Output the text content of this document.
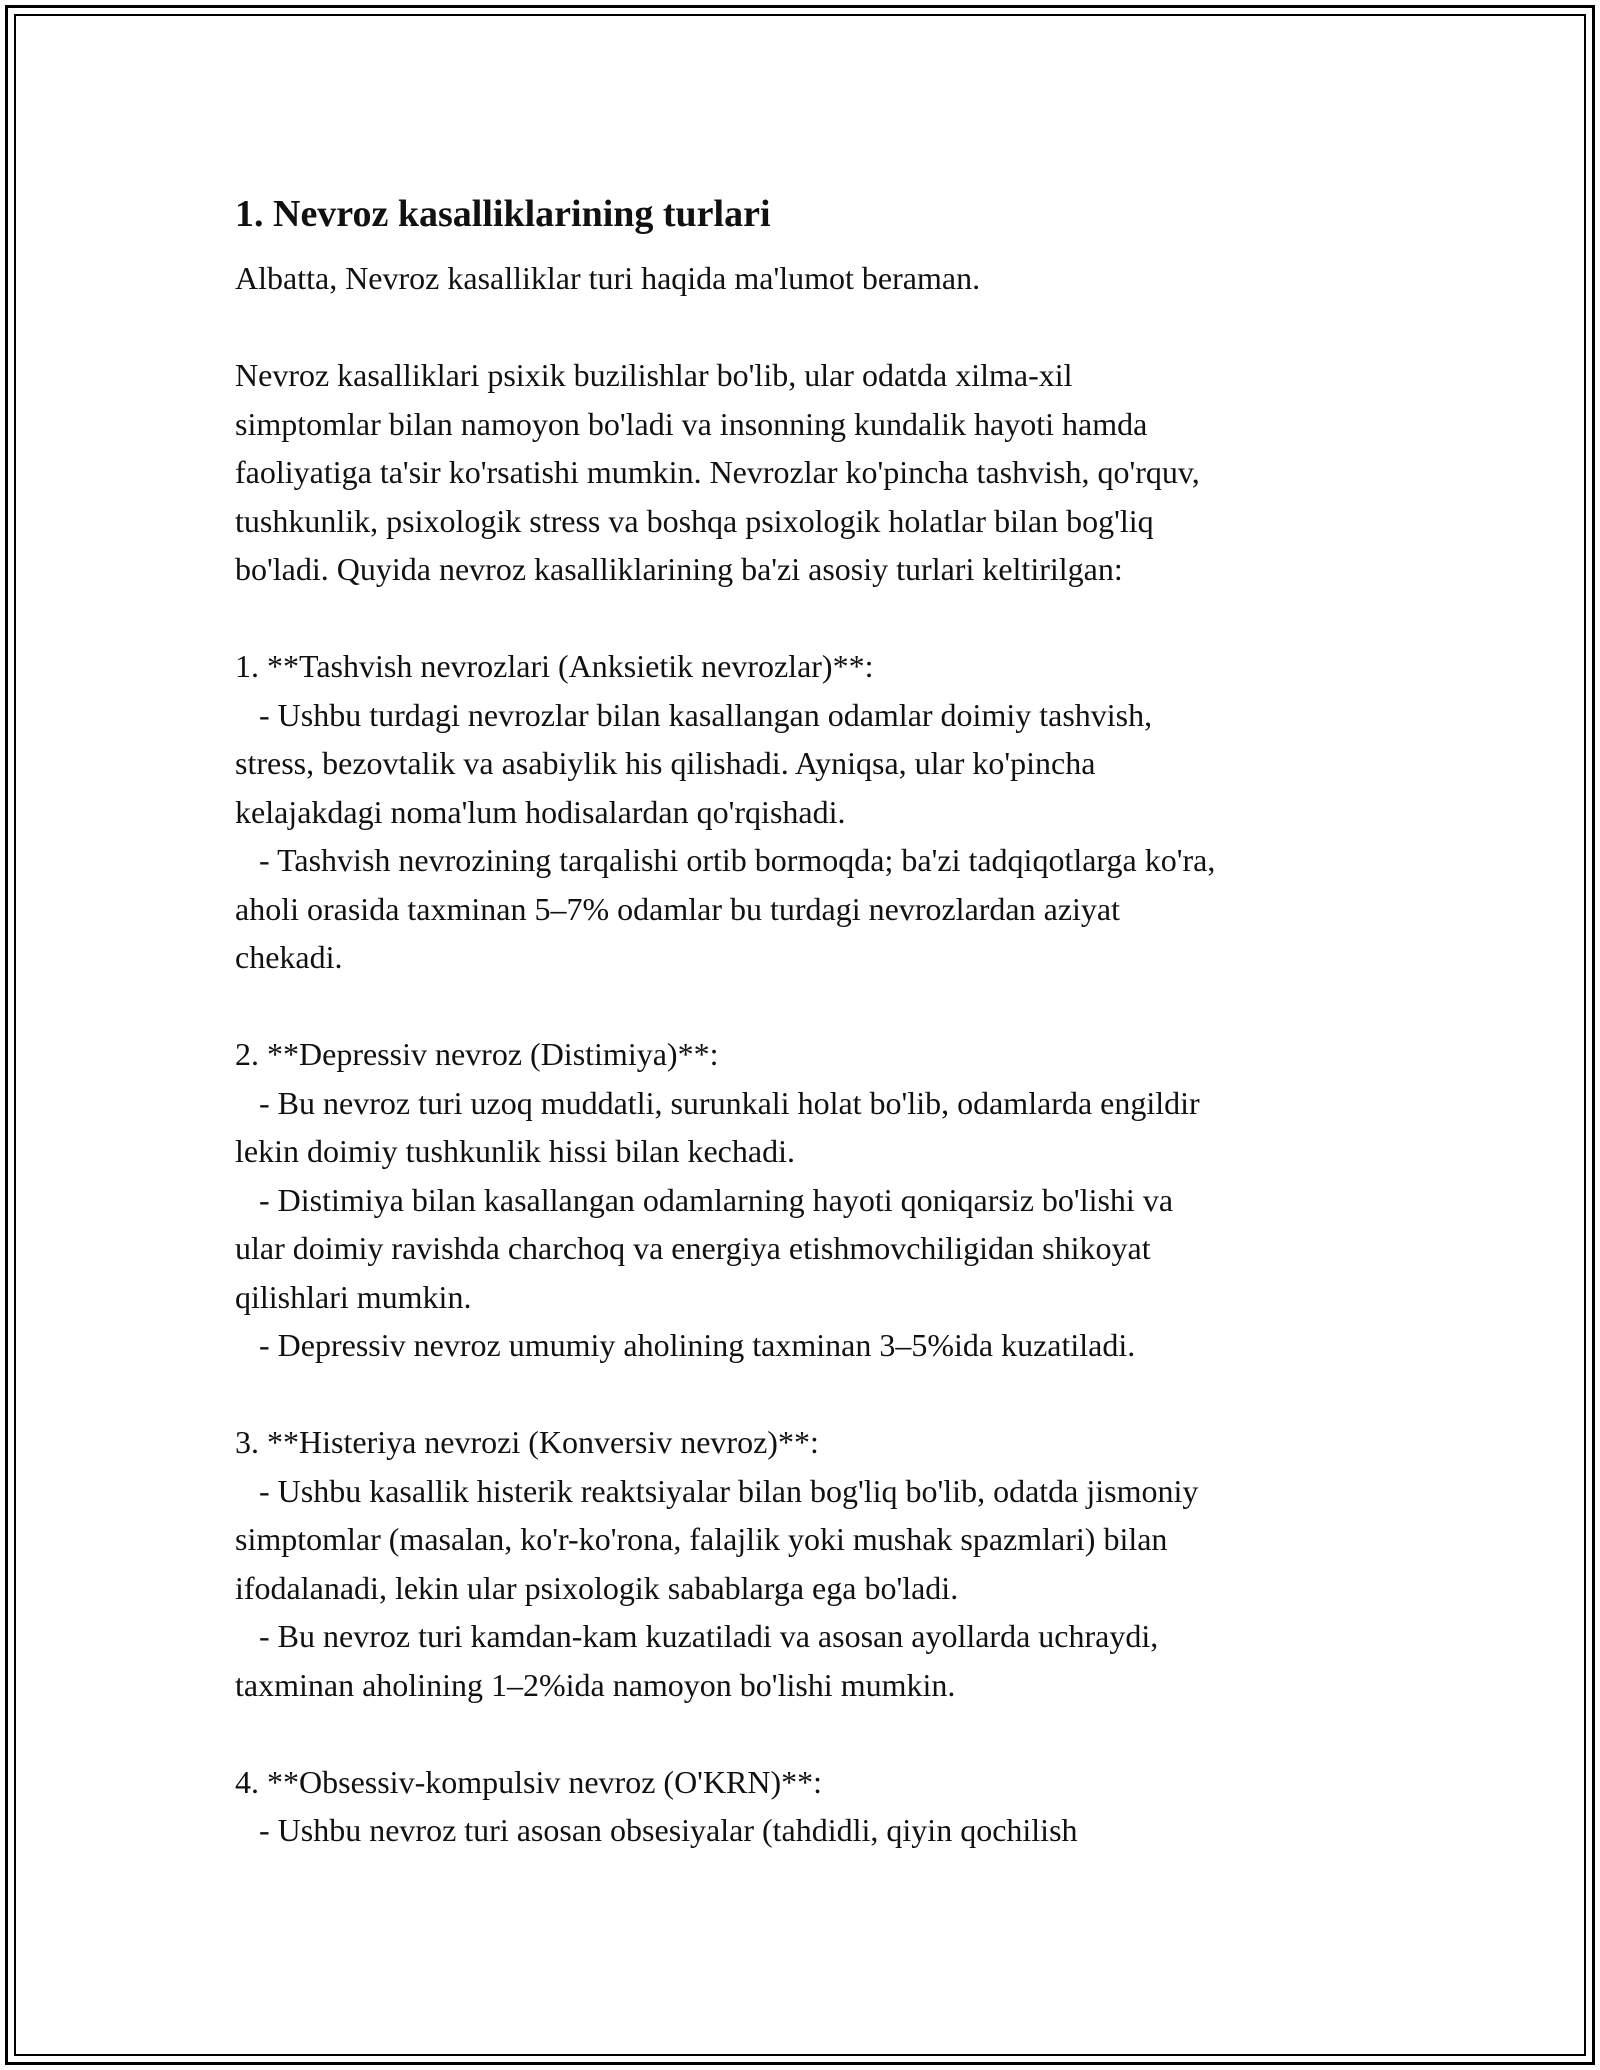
1. Nevroz kasalliklarining turlari
Albatta, Nevroz kasalliklar turi haqida ma'lumot beraman.
Nevroz kasalliklari psixik buzilishlar bo'lib, ular odatda xilma-xil
simptomlar bilan namoyon bo'ladi va insonning kundalik hayoti hamda
faoliyatiga ta'sir ko'rsatishi mumkin. Nevrozlar ko'pincha tashvish, qo'rquv,
tushkunlik, psixologik stress va boshqa psixologik holatlar bilan bog'liq
bo'ladi. Quyida nevroz kasalliklarining ba'zi asosiy turlari keltirilgan:
1. **Tashvish nevrozlari (Anksietik nevrozlar)**:
- Ushbu turdagi nevrozlar bilan kasallangan odamlar doimiy tashvish,
stress, bezovtalik va asabiylik his qilishadi. Ayniqsa, ular ko'pincha
kelajakdagi noma'lum hodisalardan qo'rqishadi.
- Tashvish nevrozining tarqalishi ortib bormoqda; ba'zi tadqiqotlarga ko'ra,
aholi orasida taxminan 5–7% odamlar bu turdagi nevrozlardan aziyat
chekadi.
2. **Depressiv nevroz (Distimiya)**:
- Bu nevroz turi uzoq muddatli, surunkali holat bo'lib, odamlarda engildir
lekin doimiy tushkunlik hissi bilan kechadi.
- Distimiya bilan kasallangan odamlarning hayoti qoniqarsiz bo'lishi va
ular doimiy ravishda charchoq va energiya etishmovchiligidan shikoyat
qilishlari mumkin.
- Depressiv nevroz umumiy aholining taxminan 3–5%ida kuzatiladi.
3. **Histeriya nevrozi (Konversiv nevroz)**:
- Ushbu kasallik histerik reaktsiyalar bilan bog'liq bo'lib, odatda jismoniy
simptomlar (masalan, ko'r-ko'rona, falajlik yoki mushak spazmlari) bilan
ifodalanadi, lekin ular psixologik sabablarga ega bo'ladi.
- Bu nevroz turi kamdan-kam kuzatiladi va asosan ayollarda uchraydi,
taxminan aholining 1–2%ida namoyon bo'lishi mumkin.
4. **Obsessiv-kompulsiv nevroz (O'KRN)**:
- Ushbu nevroz turi asosan obsesiyalar (tahdidli, qiyin qochilish
